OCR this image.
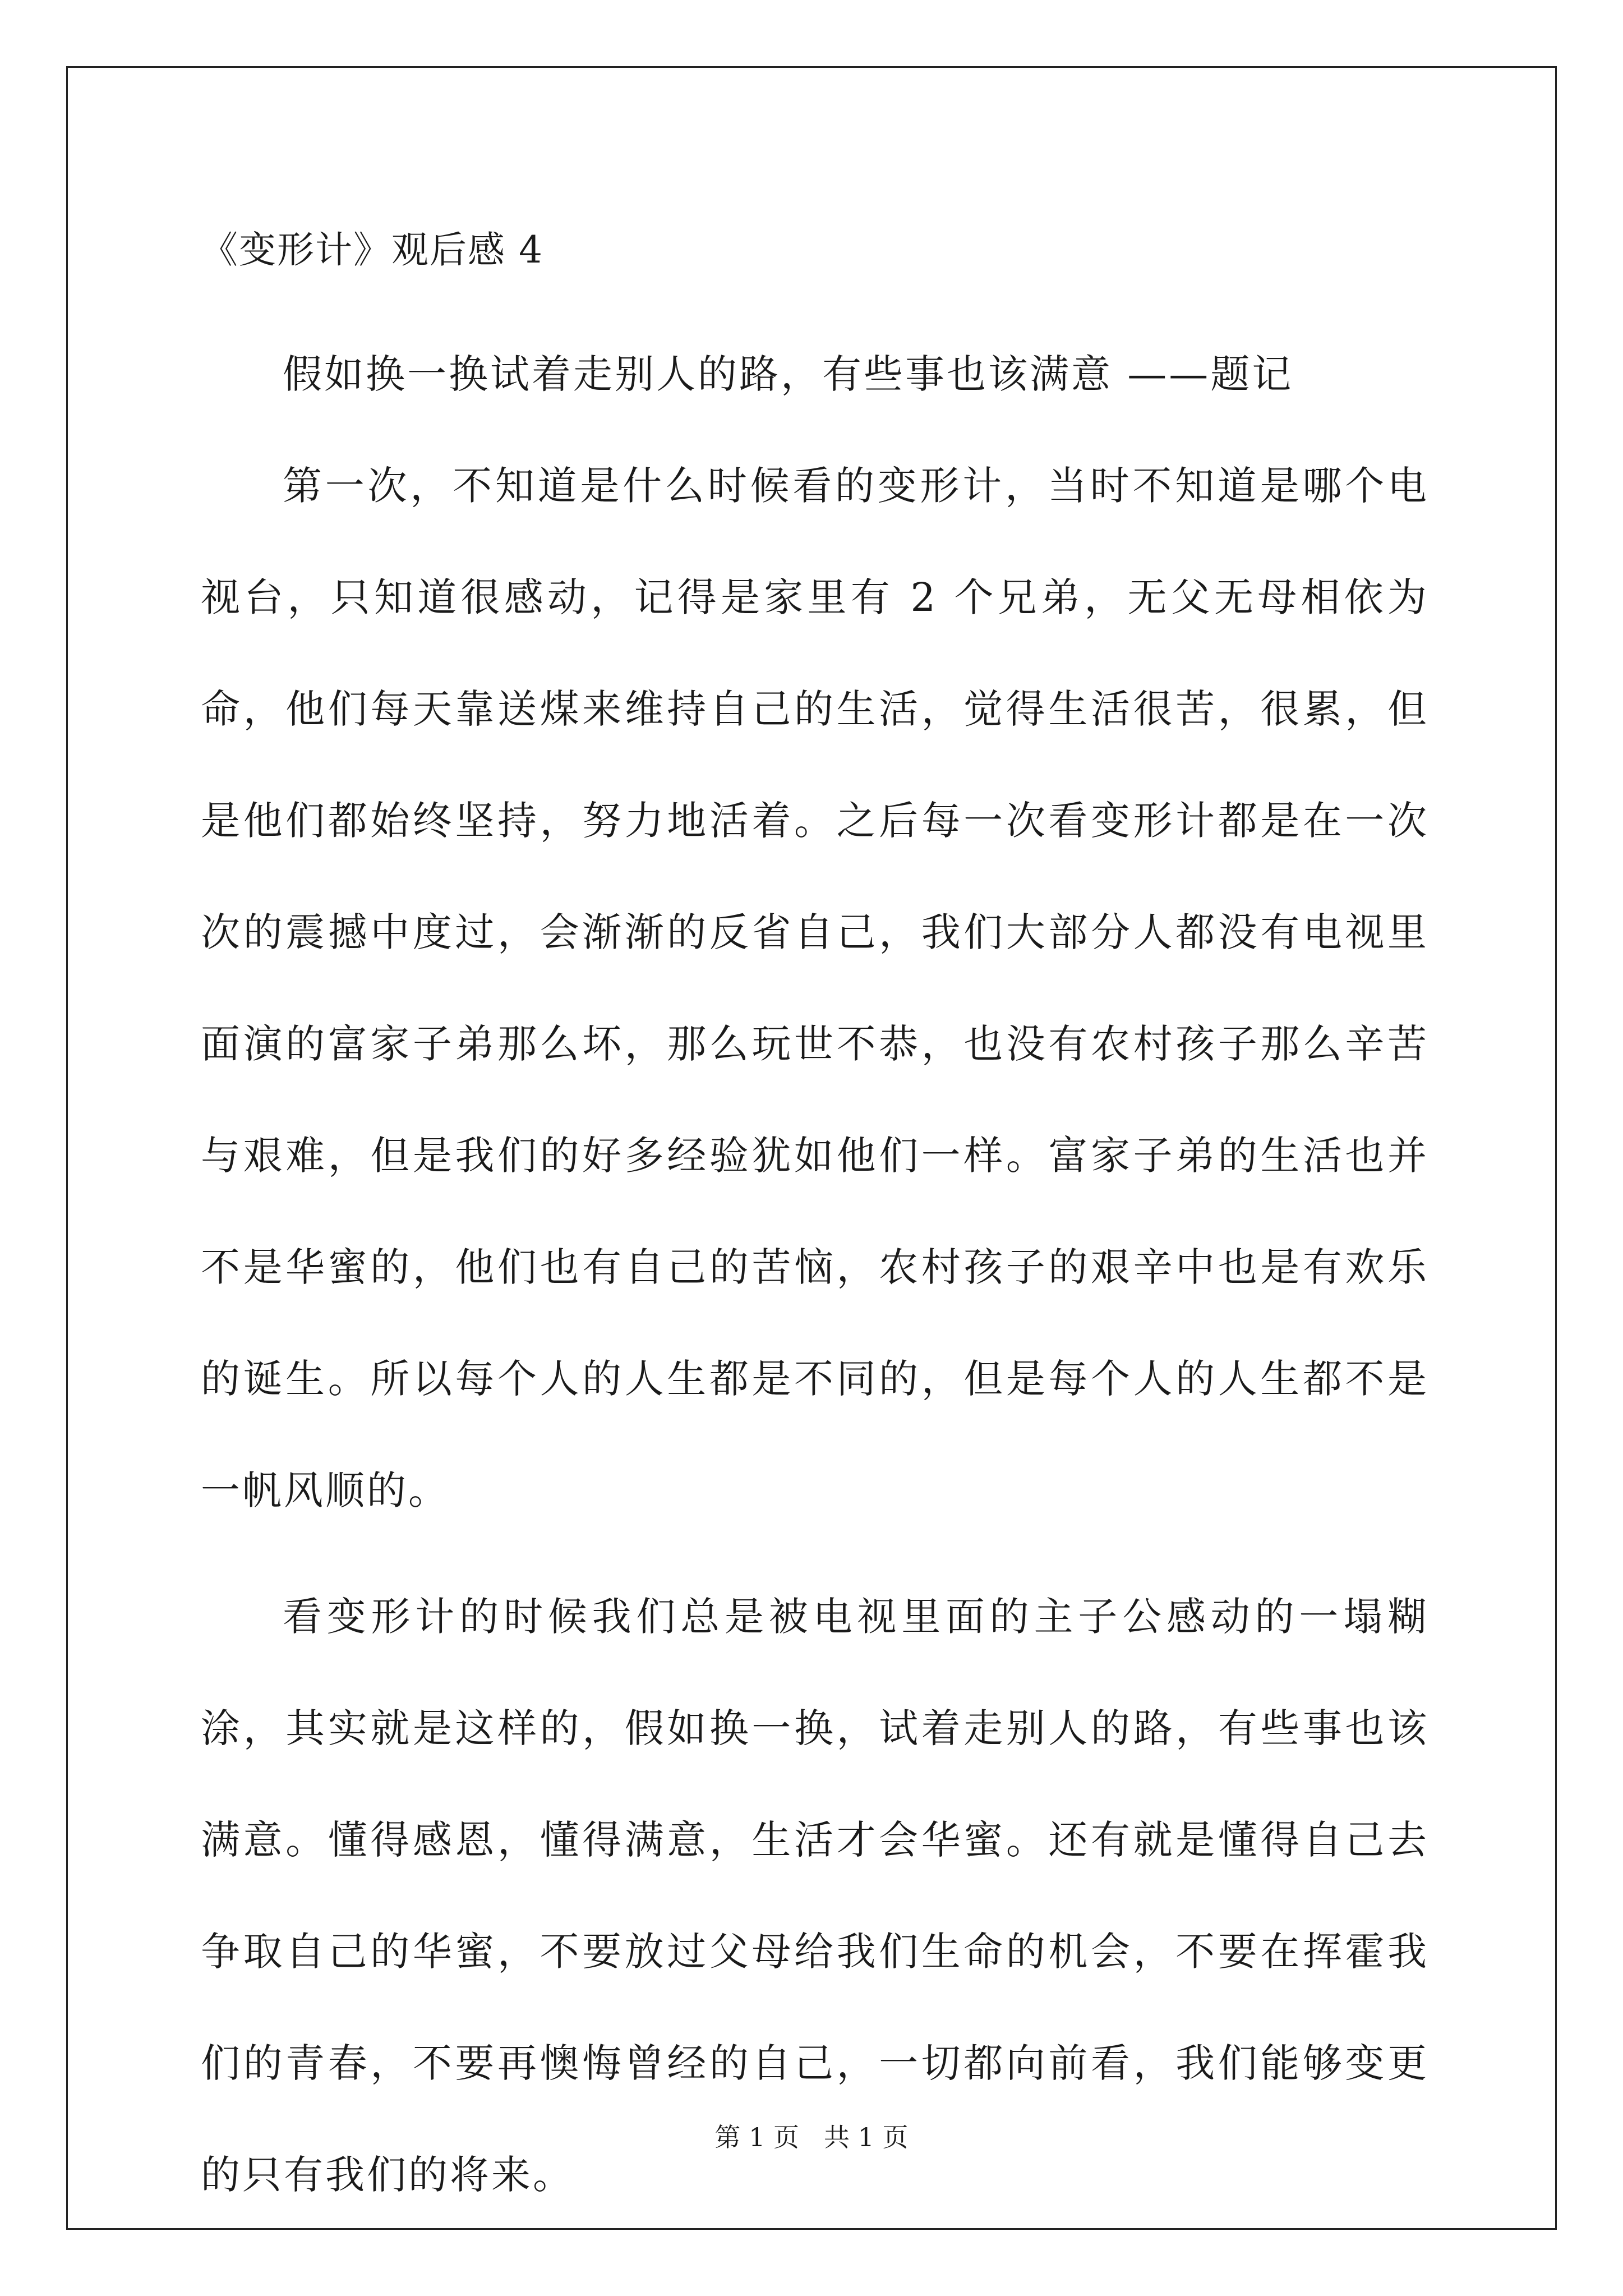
《变形计》观后感 4

假如换一换试着走别人的路，有些事也该满意 ——题记

第一次，不知道是什么时候看的变形计，当时不知道是哪个电视台，只知道很感动，记得是家里有 2 个兄弟，无父无母相依为命，他们每天靠送煤来维持自己的生活，觉得生活很苦，很累，但是他们都始终坚持，努力地活着。之后每一次看变形计都是在一次次的震撼中度过，会渐渐的反省自己，我们大部分人都没有电视里面演的富家子弟那么坏，那么玩世不恭，也没有农村孩子那么辛苦与艰难，但是我们的好多经验犹如他们一样。富家子弟的生活也并不是华蜜的，他们也有自己的苦恼，农村孩子的艰辛中也是有欢乐的诞生。所以每个人的人生都是不同的，但是每个人的人生都不是一帆风顺的。

看变形计的时候我们总是被电视里面的主子公感动的一塌糊涂，其实就是这样的，假如换一换，试着走别人的路，有些事也该满意。懂得感恩，懂得满意，生活才会华蜜。还有就是懂得自己去争取自己的华蜜，不要放过父母给我们生命的机会，不要在挥霍我们的青春，不要再懊悔曾经的自己，一切都向前看，我们能够变更的只有我们的将来。

第 1 页 共 1 页
